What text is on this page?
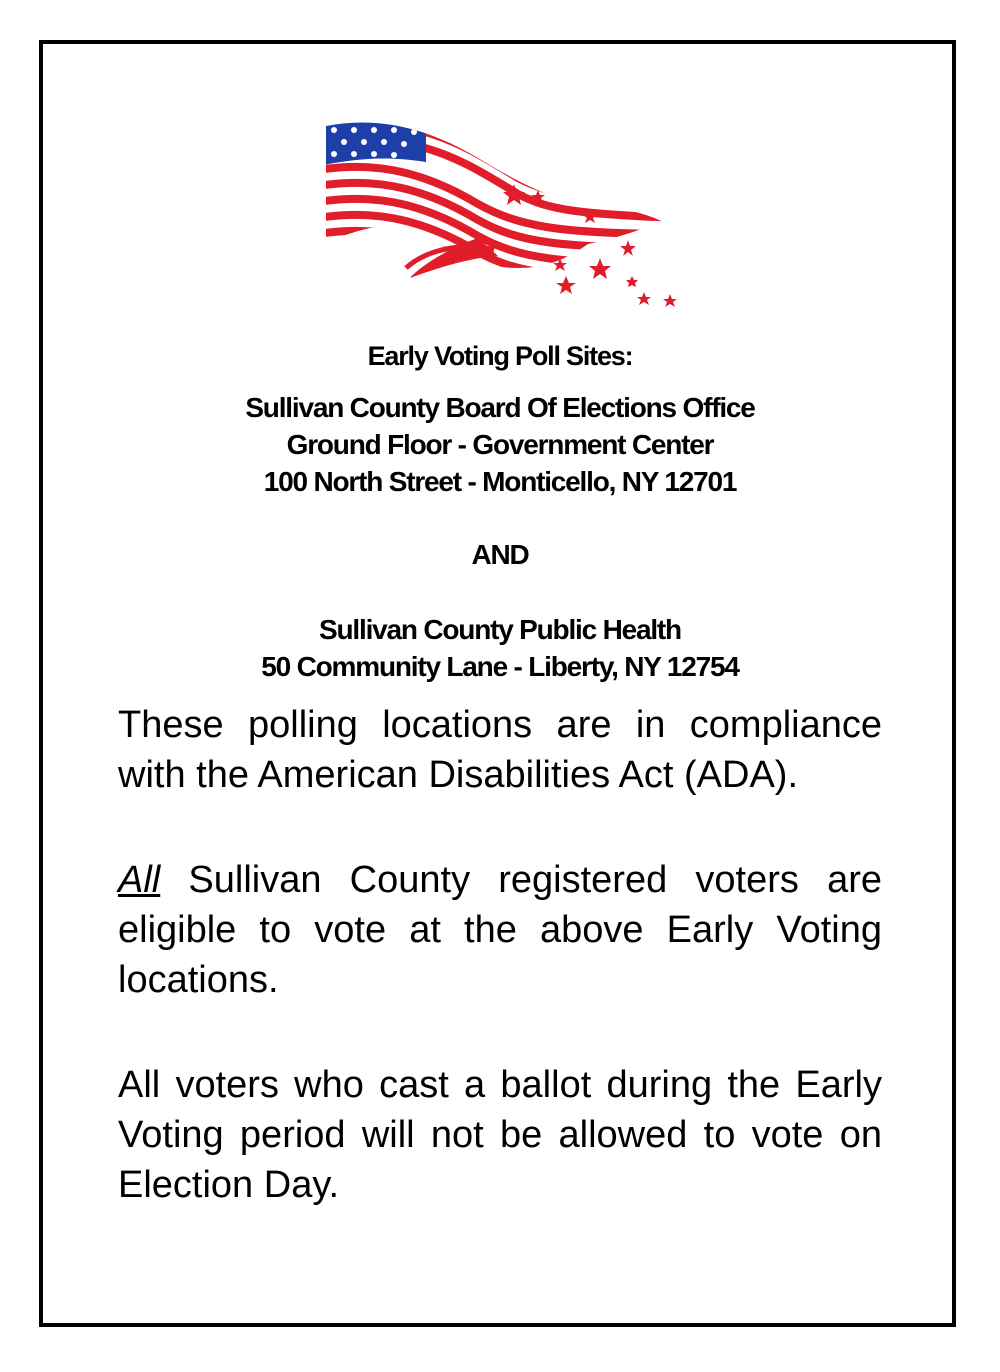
Early Voting Poll Sites:
Sullivan County Board Of Elections Office
Ground Floor - Government Center
100 North Street - Monticello, NY 12701
AND
Sullivan County Public Health
50 Community Lane - Liberty, NY 12754
These polling locations are in compliance with the American Disabilities Act (ADA).
All Sullivan County registered voters are eligible to vote at the above Early Voting locations.
All voters who cast a ballot during the Early Voting period will not be allowed to vote on Election Day.
